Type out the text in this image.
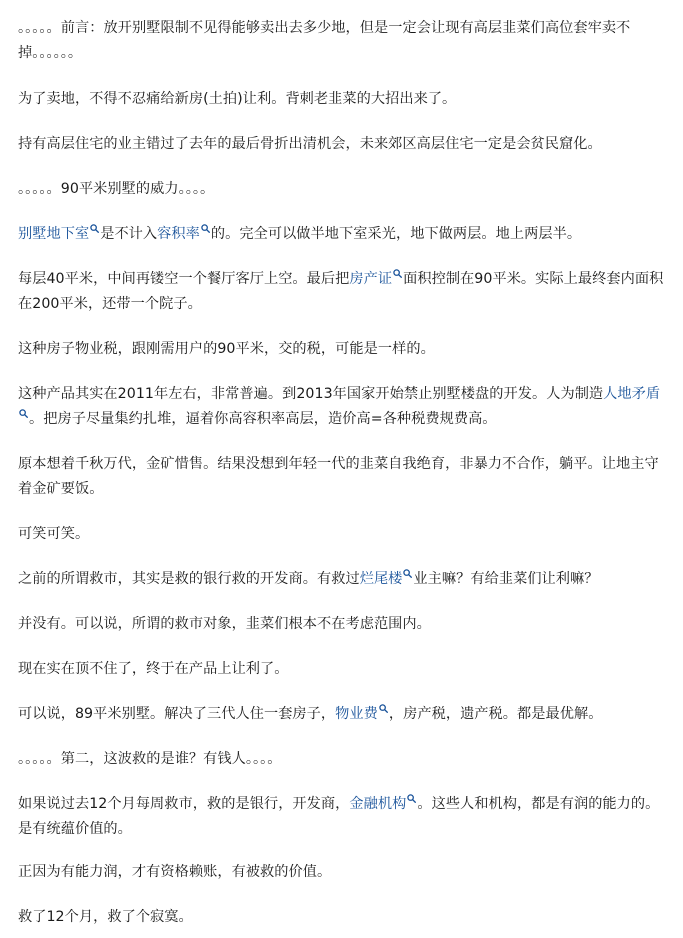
。。。。。前言：放开别墅限制不见得能够卖出去多少地，但是一定会让现有高层韭菜们高位套牢卖不掉。。。。。。

为了卖地，不得不忍痛给新房(土拍)让利。背刺老韭菜的大招出来了。

持有高层住宅的业主错过了去年的最后骨折出清机会，未来郊区高层住宅一定是会贫民窟化。

。。。。。90平米别墅的威力。。。。

别墅地下室 是不计入容积率 的。完全可以做半地下室采光，地下做两层。地上两层半。

每层40平米，中间再镂空一个餐厅客厅上空。最后把房产证 面积控制在90平米。实际上最终套内面积在200平米，还带一个院子。

这种房子物业税，跟刚需用户的90平米，交的税，可能是一样的。

这种产品其实在2011年左右，非常普遍。到2013年国家开始禁止别墅楼盘的开发。人为制造人地矛盾
。把房子尽量集约扎堆，逼着你高容积率高层，造价高=各种税费规费高。

原本想着千秋万代，金矿惜售。结果没想到年轻一代的韭菜自我绝育，非暴力不合作，躺平。让地主守着金矿要饭。

可笑可笑。

之前的所谓救市，其实是救的银行救的开发商。有救过烂尾楼 业主嘛？有给韭菜们让利嘛？

并没有。可以说，所谓的救市对象，韭菜们根本不在考虑范围内。

现在实在顶不住了，终于在产品上让利了。

可以说，89平米别墅。解决了三代人住一套房子，物业费 ，房产税，遗产税。都是最优解。

。。。。。第二，这波救的是谁？有钱人。。。。

如果说过去12个月每周救市，救的是银行，开发商，金融机构 。这些人和机构，都是有润的能力的。是有统蕴价值的。

正因为有能力润，才有资格赖账，有被救的价值。

救了12个月，救了个寂寞。
